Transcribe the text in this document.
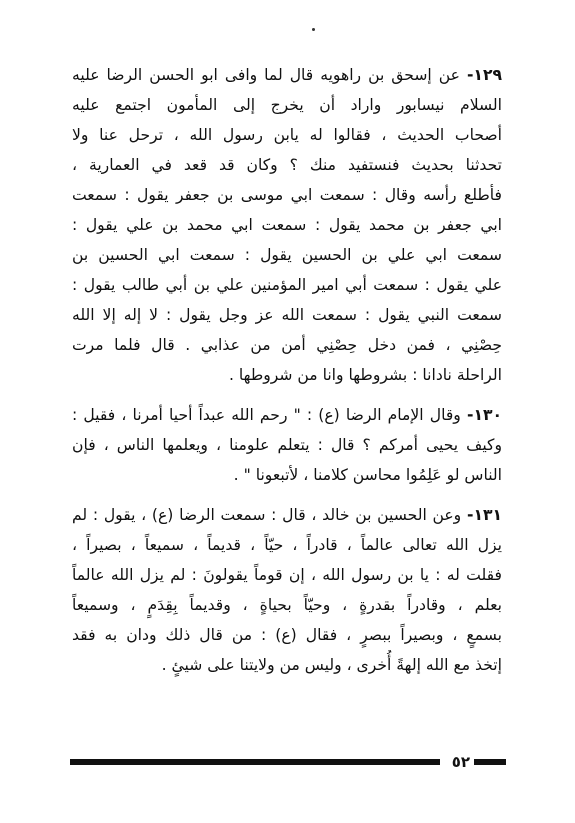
١٢٩- عن إسحق بن راهويه قال لما وافى ابو الحسن الرضا عليه
السلام نيسابور واراد أن يخرج إلى المأمون اجتمع عليه
أصحاب الحديث ، فقالوا له يابن رسول الله ، ترحل عنا ولا
تحدثنا بحديث فنستفيد منك ؟ وكان قد قعد في العمارية ،
فأطلع رأسه وقال : سمعت ابي موسى بن جعفر يقول : سمعت
ابي جعفر بن محمد يقول : سمعت ابي محمد بن علي يقول :
سمعت ابي علي بن الحسين يقول : سمعت ابي الحسين بن
علي يقول : سمعت أبي امير المؤمنين علي بن أبي طالب يقول :
سمعت النبي يقول : سمعت الله عز وجل يقول : لا إله إلا الله
حِصْنِي ، فمن دخل حِصْنِي أمن من عذابي . قال فلما مرت
الراحلة نادانا : بشروطها وانا من شروطها .
١٣٠- وقال الإمام الرضا (ع) : " رحم الله عبداً أحيا أمرنا ، فقيل :
وكيف يحيى أمركم ؟ قال : يتعلم علومنا ، ويعلمها الناس ، فإن
الناس لو عَلِمُوا محاسن كلامنا ، لأتبعونا " .
١٣١- وعن الحسين بن خالد ، قال : سمعت الرضا (ع) ، يقول : لم
يزل الله تعالى عالماً ، قادراً ، حيّاً ، قديماً ، سميعاً ، بصيراً ،
فقلت له : يا بن رسول الله ، إن قوماً يقولونَ : لم يزل الله عالماً
بعلم ، وقادراً بقدرةٍ ، وحيّاً بحياةٍ ، وقديماً بِقِدَمٍ ، وسميعاً
بسمعٍ ، وبصيراً ببصرٍ ، فقال (ع) : من قال ذلك ودان به فقد
إتخذ مع الله إلهةً أُخرى ، وليس من ولايتنا على شيئٍ .
٥٢
